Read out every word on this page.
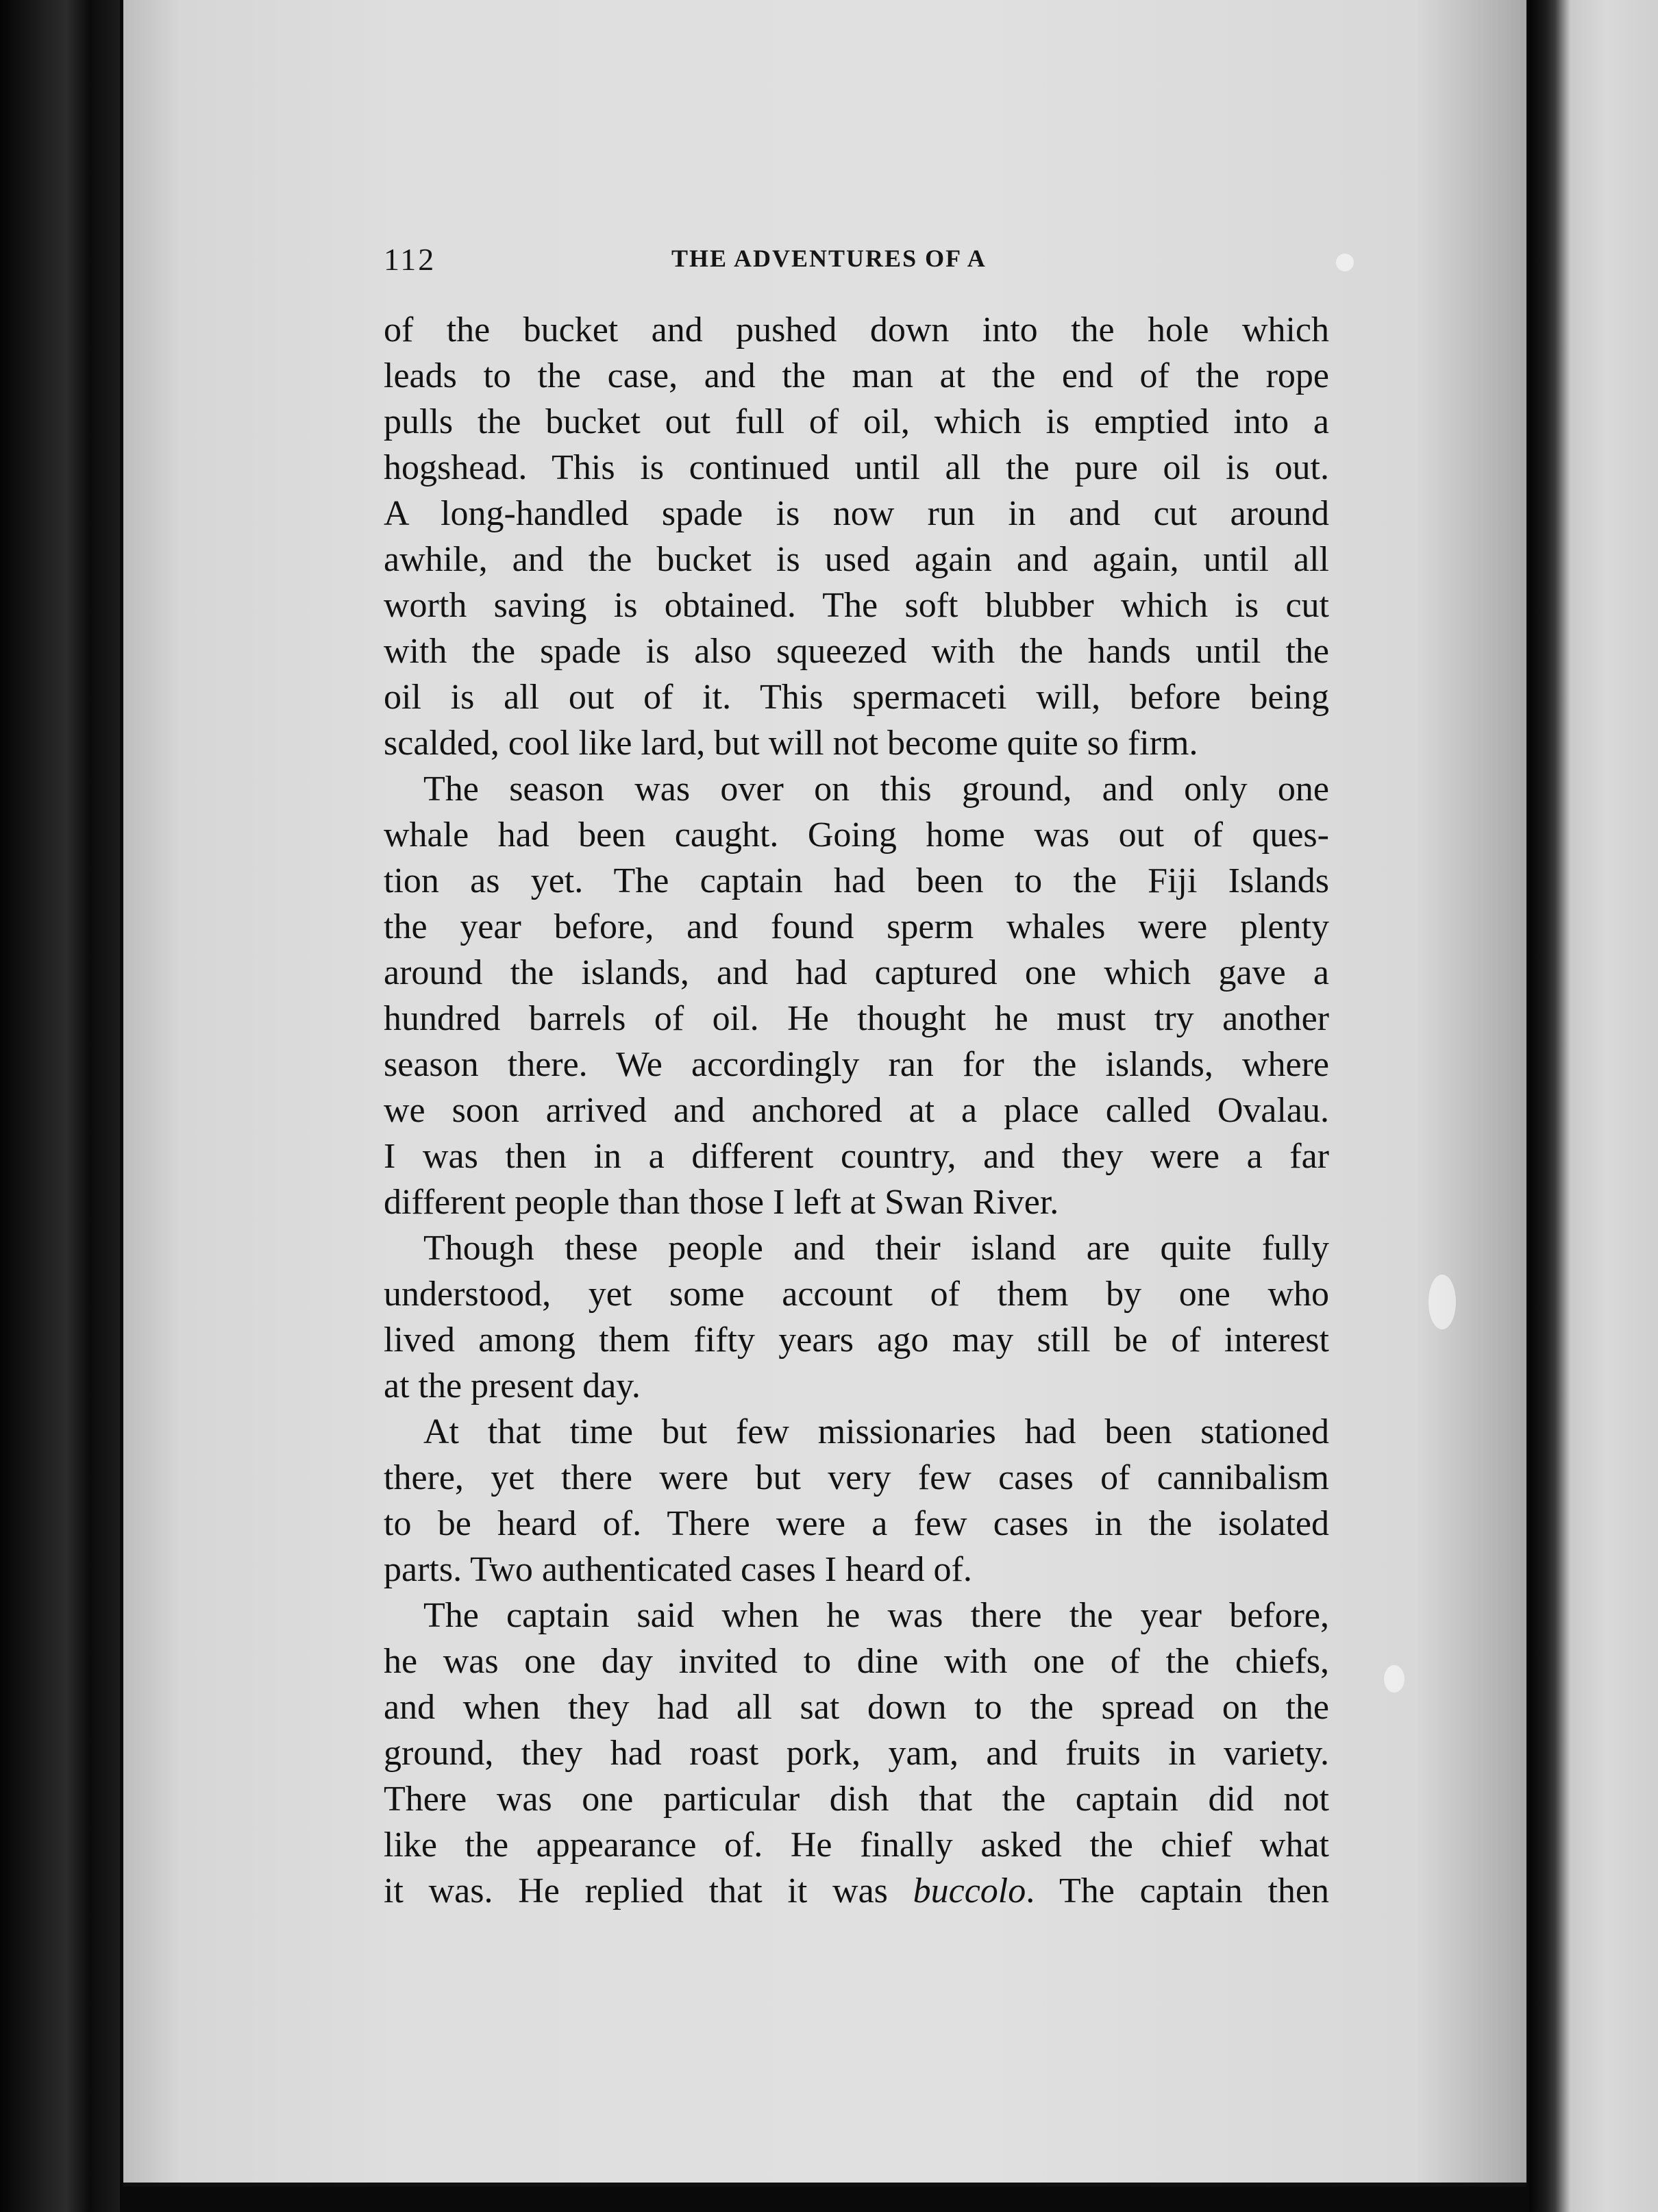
112	THE ADVENTURES OF A

of the bucket and pushed down into the hole which
leads to the case, and the man at the end of the rope
pulls the bucket out full of oil, which is emptied into a
hogshead. This is continued until all the pure oil is out.
A long-handled spade is now run in and cut around
awhile, and the bucket is used again and again, until all
worth saving is obtained. The soft blubber which is cut
with the spade is also squeezed with the hands until the
oil is all out of it. This spermaceti will, before being
scalded, cool like lard, but will not become quite so firm.

The season was over on this ground, and only one
whale had been caught. Going home was out of ques-
tion as yet. The captain had been to the Fiji Islands
the year before, and found sperm whales were plenty
around the islands, and had captured one which gave a
hundred barrels of oil. He thought he must try another
season there. We accordingly ran for the islands, where
we soon arrived and anchored at a place called Ovalau.
I was then in a different country, and they were a far
different people than those I left at Swan River.

Though these people and their island are quite fully
understood, yet some account of them by one who
lived among them fifty years ago may still be of interest
at the present day.

At that time but few missionaries had been stationed
there, yet there were but very few cases of cannibalism
to be heard of. There were a few cases in the isolated
parts. Two authenticated cases I heard of.

The captain said when he was there the year before,
he was one day invited to dine with one of the chiefs,
and when they had all sat down to the spread on the
ground, they had roast pork, yam, and fruits in variety.
There was one particular dish that the captain did not
like the appearance of. He finally asked the chief what
it was. He replied that it was buccolo. The captain then
